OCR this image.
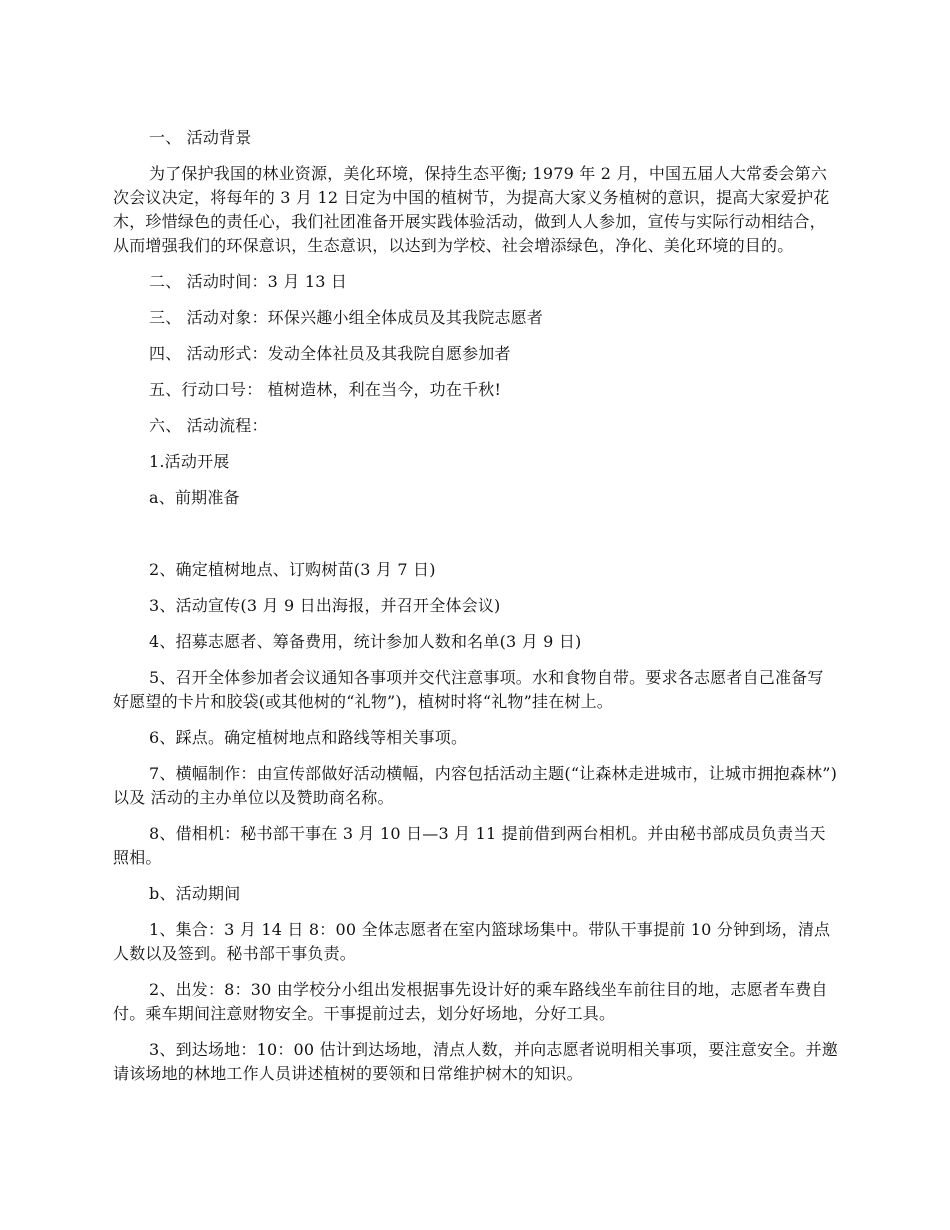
一、 活动背景

为了保护我国的林业资源，美化环境，保持生态平衡; 1979 年 2 月，中国五届人大常委会第六次会议决定，将每年的 3 月 12 日定为中国的植树节，为提高大家义务植树的意识，提高大家爱护花木，珍惜绿色的责任心，我们社团准备开展实践体验活动，做到人人参加，宣传与实际行动相结合，从而增强我们的环保意识，生态意识，以达到为学校、社会增添绿色，净化、美化环境的目的。

二、 活动时间：3 月 13 日

三、 活动对象：环保兴趣小组全体成员及其我院志愿者

四、 活动形式：发动全体社员及其我院自愿参加者

五、行动口号： 植树造林，利在当今，功在千秋!

六、 活动流程：

1.活动开展

a、前期准备

2、确定植树地点、订购树苗(3 月 7 日)

3、活动宣传(3 月 9 日出海报，并召开全体会议)

4、招募志愿者、筹备费用，统计参加人数和名单(3 月 9 日)

5、召开全体参加者会议通知各事项并交代注意事项。水和食物自带。要求各志愿者自己准备写好愿望的卡片和胶袋(或其他树的“礼物”)，植树时将“礼物”挂在树上。

6、踩点。确定植树地点和路线等相关事项。

7、横幅制作：由宣传部做好活动横幅，内容包括活动主题(“让森林走进城市，让城市拥抱森林”)以及 活动的主办单位以及赞助商名称。

8、借相机：秘书部干事在 3 月 10 日—3 月 11 提前借到两台相机。并由秘书部成员负责当天照相。

b、活动期间

1、集合：3 月 14 日 8：00 全体志愿者在室内篮球场集中。带队干事提前 10 分钟到场，清点人数以及签到。秘书部干事负责。

2、出发：8：30 由学校分小组出发根据事先设计好的乘车路线坐车前往目的地，志愿者车费自付。乘车期间注意财物安全。干事提前过去，划分好场地，分好工具。

3、到达场地：10：00 估计到达场地，清点人数，并向志愿者说明相关事项，要注意安全。并邀请该场地的林地工作人员讲述植树的要领和日常维护树木的知识。
